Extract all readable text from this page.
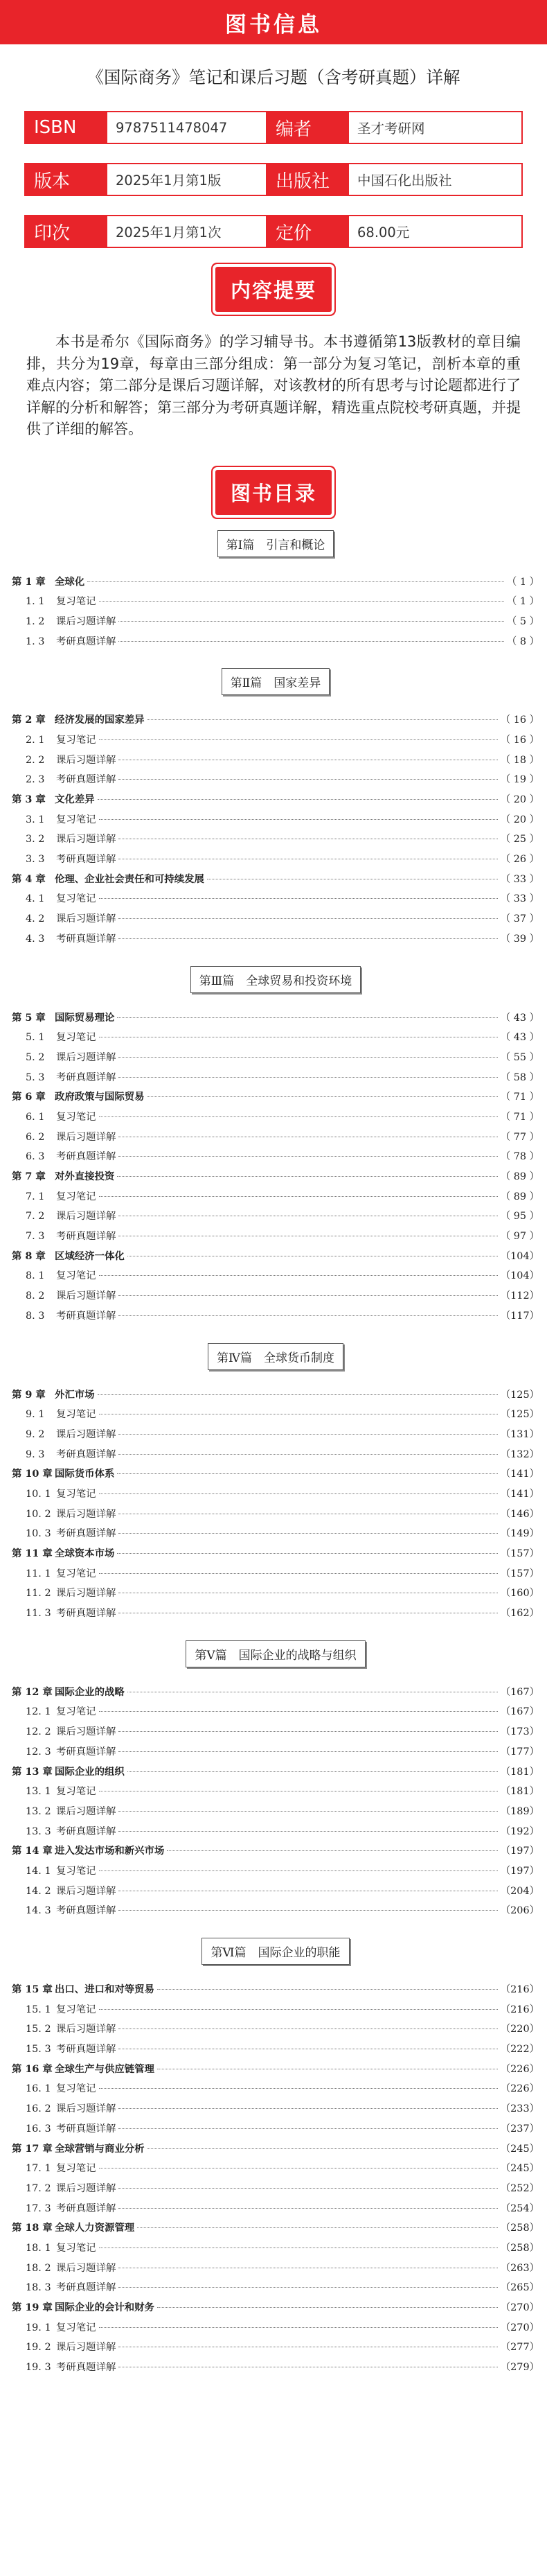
图书信息
《国际商务》笔记和课后习题（含考研真题）详解
ISBN	9787511478047	编者	圣才考研网
版本	2025年1月第1版	出版社	中国石化出版社
印次	2025年1月第1次	定价	68.00元
内容提要

本书是希尔《国际商务》的学习辅导书。本书遵循第13版教材的章目编排，共分为19章，每章由三部分组成：第一部分为复习笔记，剖析本章的重难点内容；第二部分是课后习题详解，对该教材的所有思考与讨论题都进行了详解的分析和解答；第三部分为考研真题详解，精选重点院校考研真题，并提供了详细的解答。

图书目录
第Ⅰ篇　引言和概论
第 1 章 全球化	（ 1 ）
1. 1	复习笔记	（ 1 ）
1. 2	课后习题详解	（ 5 ）
1. 3	考研真题详解	（ 8 ）
第Ⅱ篇　国家差异
第 2 章 经济发展的国家差异	（ 16 ）
2. 1	复习笔记	（ 16 ）
2. 2	课后习题详解	（ 18 ）
2. 3	考研真题详解	（ 19 ）
第 3 章 文化差异	（ 20 ）
3. 1	复习笔记	（ 20 ）
3. 2	课后习题详解	（ 25 ）
3. 3	考研真题详解	（ 26 ）
第 4 章 伦理、企业社会责任和可持续发展	（ 33 ）
4. 1	复习笔记	（ 33 ）
4. 2	课后习题详解	（ 37 ）
4. 3	考研真题详解	（ 39 ）
第Ⅲ篇　全球贸易和投资环境
第 5 章 国际贸易理论	（ 43 ）
5. 1	复习笔记	（ 43 ）
5. 2	课后习题详解	（ 55 ）
5. 3	考研真题详解	（ 58 ）
第 6 章 政府政策与国际贸易	（ 71 ）
6. 1	复习笔记	（ 71 ）
6. 2	课后习题详解	（ 77 ）
6. 3	考研真题详解	（ 78 ）
第 7 章 对外直接投资	（ 89 ）
7. 1	复习笔记	（ 89 ）
7. 2	课后习题详解	（ 95 ）
7. 3	考研真题详解	（ 97 ）
第 8 章 区域经济一体化	（104）
8. 1	复习笔记	（104）
8. 2	课后习题详解	（112）
8. 3	考研真题详解	（117）
第Ⅳ篇　全球货币制度
第 9 章 外汇市场	（125）
9. 1	复习笔记	（125）
9. 2	课后习题详解	（131）
9. 3	考研真题详解	（132）
第 10 章 国际货币体系	（141）
10. 1 复习笔记	（141）
10. 2 课后习题详解	（146）
10. 3 考研真题详解	（149）
第 11 章 全球资本市场	（157）
11. 1 复习笔记	（157）
11. 2 课后习题详解	（160）
11. 3 考研真题详解	（162）
第Ⅴ篇　国际企业的战略与组织
第 12 章 国际企业的战略	（167）
12. 1 复习笔记	（167）
12. 2 课后习题详解	（173）
12. 3 考研真题详解	（177）
第 13 章 国际企业的组织	（181）
13. 1 复习笔记	（181）
13. 2 课后习题详解	（189）
13. 3 考研真题详解	（192）
第 14 章 进入发达市场和新兴市场	（197）
14. 1 复习笔记	（197）
14. 2 课后习题详解	（204）
14. 3 考研真题详解	（206）
第Ⅵ篇　国际企业的职能
第 15 章 出口、进口和对等贸易	（216）
15. 1 复习笔记	（216）
15. 2 课后习题详解	（220）
15. 3 考研真题详解	（222）
第 16 章 全球生产与供应链管理	（226）
16. 1 复习笔记	（226）
16. 2 课后习题详解	（233）
16. 3 考研真题详解	（237）
第 17 章 全球营销与商业分析	（245）
17. 1 复习笔记	（245）
17. 2 课后习题详解	（252）
17. 3 考研真题详解	（254）
第 18 章 全球人力资源管理	（258）
18. 1 复习笔记	（258）
18. 2 课后习题详解	（263）
18. 3 考研真题详解	（265）
第 19 章 国际企业的会计和财务	（270）
19. 1 复习笔记	（270）
19. 2 课后习题详解	（277）
19. 3 考研真题详解	（279）
